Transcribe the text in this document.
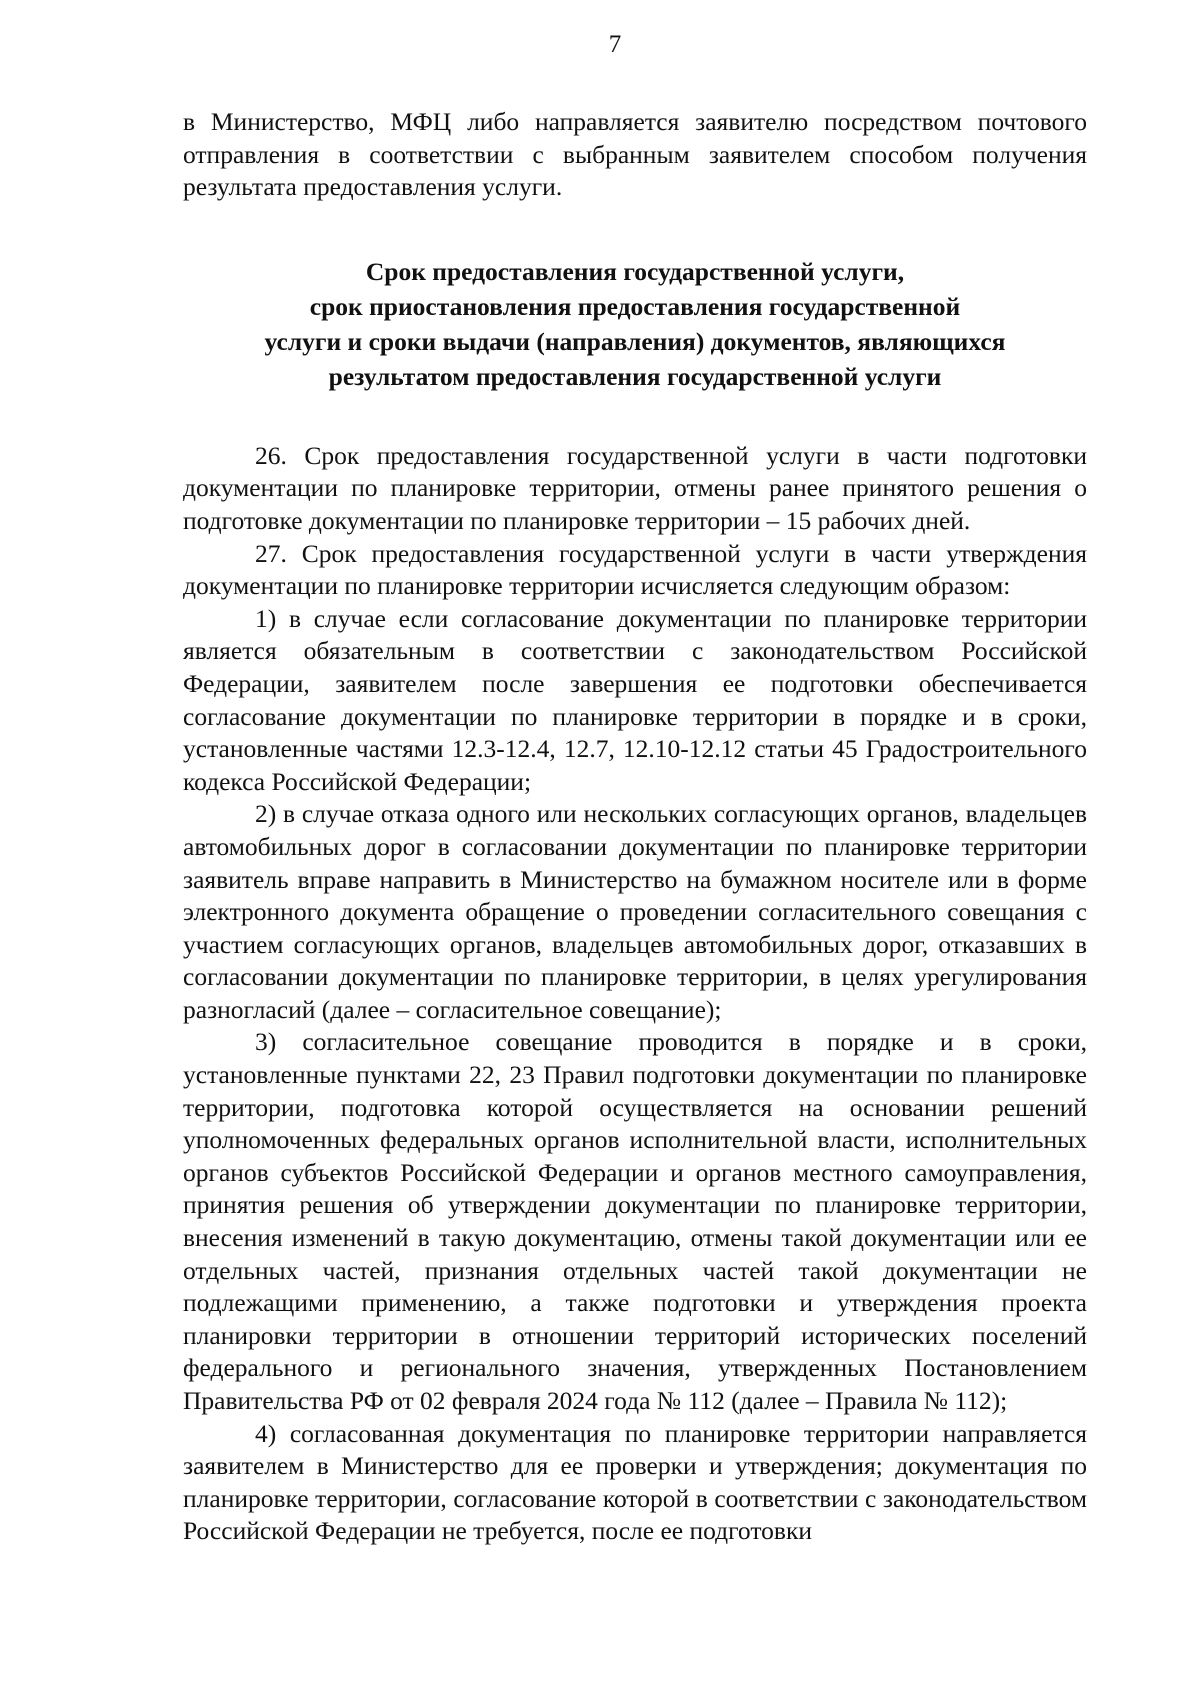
7

в Министерство, МФЦ либо направляется заявителю посредством почтового отправления в соответствии с выбранным заявителем способом получения результата предоставления услуги.

Срок предоставления государственной услуги,
срок приостановления предоставления государственной
услуги и сроки выдачи (направления) документов, являющихся
результатом предоставления государственной услуги

26. Срок предоставления государственной услуги в части подготовки документации по планировке территории, отмены ранее принятого решения о подготовке документации по планировке территории – 15 рабочих дней.

27. Срок предоставления государственной услуги в части утверждения документации по планировке территории исчисляется следующим образом:

1) в случае если согласование документации по планировке территории является обязательным в соответствии с законодательством Российской Федерации, заявителем после завершения ее подготовки обеспечивается согласование документации по планировке территории в порядке и в сроки, установленные частями 12.3-12.4, 12.7, 12.10-12.12 статьи 45 Градостроительного кодекса Российской Федерации;

2) в случае отказа одного или нескольких согласующих органов, владельцев автомобильных дорог в согласовании документации по планировке территории заявитель вправе направить в Министерство на бумажном носителе или в форме электронного документа обращение о проведении согласительного совещания с участием согласующих органов, владельцев автомобильных дорог, отказавших в согласовании документации по планировке территории, в целях урегулирования разногласий (далее – согласительное совещание);

3) согласительное совещание проводится в порядке и в сроки, установленные пунктами 22, 23 Правил подготовки документации по планировке территории, подготовка которой осуществляется на основании решений уполномоченных федеральных органов исполнительной власти, исполнительных органов субъектов Российской Федерации и органов местного самоуправления, принятия решения об утверждении документации по планировке территории, внесения изменений в такую документацию, отмены такой документации или ее отдельных частей, признания отдельных частей такой документации не подлежащими применению, а также подготовки и утверждения проекта планировки территории в отношении территорий исторических поселений федерального и регионального значения, утвержденных Постановлением Правительства РФ от 02 февраля 2024 года № 112 (далее – Правила № 112);

4) согласованная документация по планировке территории направляется заявителем в Министерство для ее проверки и утверждения; документация по планировке территории, согласование которой в соответствии с законодательством Российской Федерации не требуется, после ее подготовки
